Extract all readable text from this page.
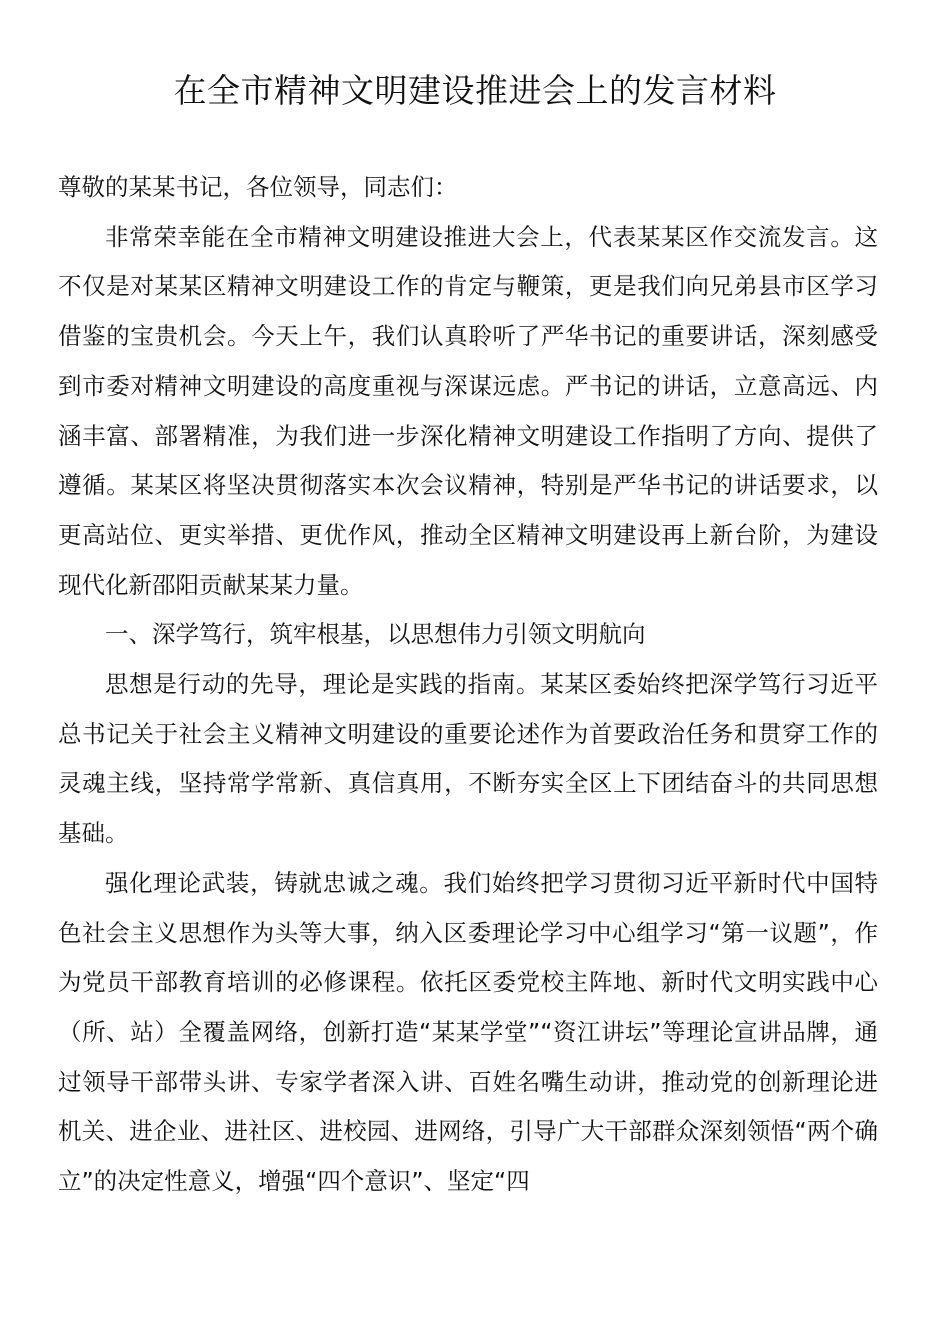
在全市精神文明建设推进会上的发言材料

尊敬的某某书记，各位领导，同志们：

非常荣幸能在全市精神文明建设推进大会上，代表某某区作交流发言。这不仅是对某某区精神文明建设工作的肯定与鞭策，更是我们向兄弟县市区学习借鉴的宝贵机会。今天上午，我们认真聆听了严华书记的重要讲话，深刻感受到市委对精神文明建设的高度重视与深谋远虑。严书记的讲话，立意高远、内涵丰富、部署精准，为我们进一步深化精神文明建设工作指明了方向、提供了遵循。某某区将坚决贯彻落实本次会议精神，特别是严华书记的讲话要求，以更高站位、更实举措、更优作风，推动全区精神文明建设再上新台阶，为建设现代化新邵阳贡献某某力量。

一、深学笃行，筑牢根基，以思想伟力引领文明航向

思想是行动的先导，理论是实践的指南。某某区委始终把深学笃行习近平总书记关于社会主义精神文明建设的重要论述作为首要政治任务和贯穿工作的灵魂主线，坚持常学常新、真信真用，不断夯实全区上下团结奋斗的共同思想基础。

强化理论武装，铸就忠诚之魂。我们始终把学习贯彻习近平新时代中国特色社会主义思想作为头等大事，纳入区委理论学习中心组学习“第一议题”，作为党员干部教育培训的必修课程。依托区委党校主阵地、新时代文明实践中心（所、站）全覆盖网络，创新打造“某某学堂”“资江讲坛”等理论宣讲品牌，通过领导干部带头讲、专家学者深入讲、百姓名嘴生动讲，推动党的创新理论进机关、进企业、进社区、进校园、进网络，引导广大干部群众深刻领悟“两个确立”的决定性意义，增强“四个意识”、坚定“四
